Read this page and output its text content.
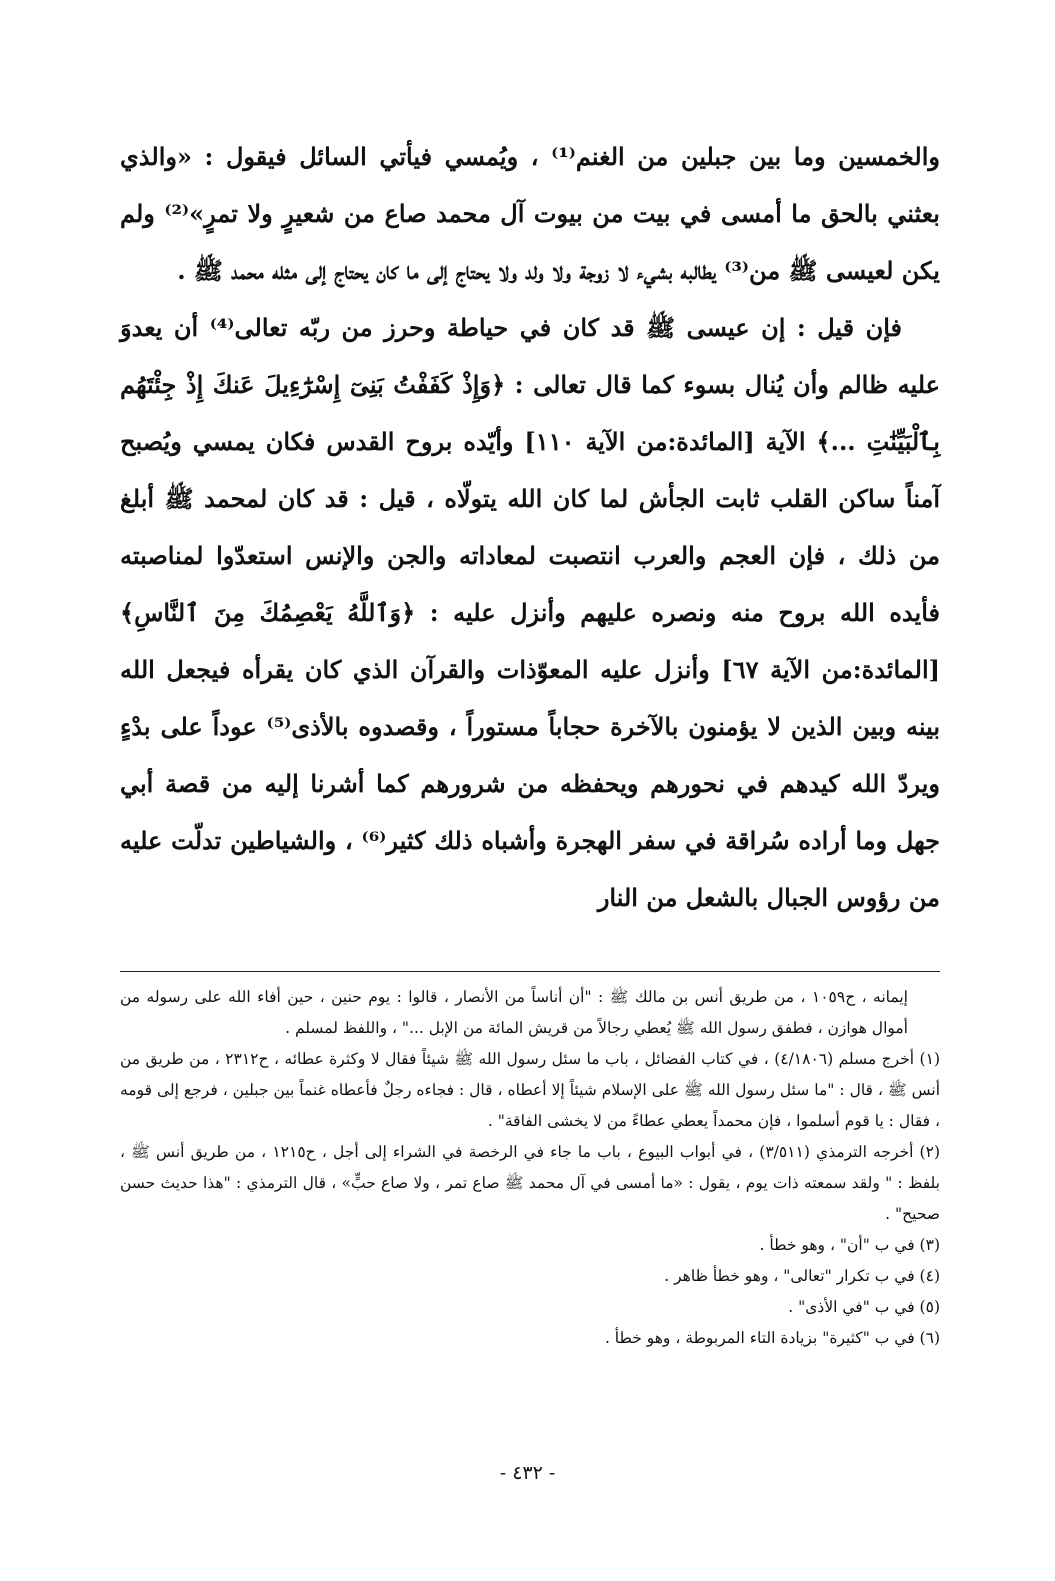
والخمسين وما بين جبلين من الغنم⁽¹⁾ ، ويُمسي فيأتي السائل فيقول : «والذي بعثني بالحق ما أمسى في بيت من بيوت آل محمد صاع من شعيرٍ ولا تمرٍ»⁽²⁾ ولم يكن لعيسى ﷺ من⁽³⁾ يطالبه بشيء لا زوجة ولا ولد ولا يحتاج إلى ما كان يحتاج إلى مثله محمد ﷺ .

فإن قيل : إن عيسى ﷺ قد كان في حياطة وحرز من ربّه تعالى⁽⁴⁾ أن يعدوَ عليه ظالم وأن يُنال بسوء كما قال تعالى : ﴿وَإِذْ كَفَفْتُ بَنِىٓ إِسْرَٰٓءِيلَ عَنكَ إِذْ جِئْتَهُم بِٱلْبَيِّنَٰتِ ...﴾ الآية [المائدة:من الآية ١١٠] وأيّده بروح القدس فكان يمسي ويُصبح آمناً ساكن القلب ثابت الجأش لما كان الله يتولّاه ، قيل : قد كان لمحمد ﷺ أبلغ من ذلك ، فإن العجم والعرب انتصبت لمعاداته والجن والإنس استعدّوا لمناصبته فأيده الله بروح منه ونصره عليهم وأنزل عليه : ﴿وَٱللَّهُ يَعْصِمُكَ مِنَ ٱلنَّاسِ﴾ [المائدة:من الآية ٦٧] وأنزل عليه المعوّذات والقرآن الذي كان يقرأه فيجعل الله بينه وبين الذين لا يؤمنون بالآخرة حجاباً مستوراً ، وقصدوه بالأذى⁽⁵⁾ عوداً على بدْءٍ ويردّ الله كيدهم في نحورهم ويحفظه من شرورهم كما أشرنا إليه من قصة أبي جهل وما أراده سُراقة في سفر الهجرة وأشباه ذلك كثير⁽⁶⁾ ، والشياطين تدلّت عليه من رؤوس الجبال بالشعل من النار

إيمانه ، ح١٠٥٩ ، من طريق أنس بن مالك ﷺ : "أن أناساً من الأنصار ، قالوا : يوم حنين ، حين أفاء الله على رسوله من أموال هوازن ، فطفق رسول الله ﷺ يُعطي رجالاً من قريش المائة من الإبل ..." ، واللفظ لمسلم .

(١) أخرج مسلم (٤/١٨٠٦) ، في كتاب الفضائل ، باب ما سئل رسول الله ﷺ شيئاً فقال لا وكثرة عطائه ، ح٢٣١٢ ، من طريق من أنس ﷺ ، قال : "ما سئل رسول الله ﷺ على الإسلام شيئاً إلا أعطاه ، قال : فجاءه رجلٌ فأعطاه غنماً بين جبلين ، فرجع إلى قومه ، فقال : يا قوم أسلموا ، فإن محمداً يعطي عطاءً من لا يخشى الفاقة" .

(٢) أخرجه الترمذي (٣/٥١١) ، في أبواب البيوع ، باب ما جاء في الرخصة في الشراء إلى أجل ، ح١٢١٥ ، من طريق أنس ﷺ ، بلفظ : " ولقد سمعته ذات يوم ، يقول : «ما أمسى في آل محمد ﷺ صاع تمر ، ولا صاع حبٍّ» ، قال الترمذي : "هذا حديث حسن صحيح" .

(٣) في ب "أن" ، وهو خطأ .

(٤) في ب تكرار "تعالى" ، وهو خطأ ظاهر .

(٥) في ب "في الأذى" .

(٦) في ب "كثيرة" بزيادة التاء المربوطة ، وهو خطأ .

- ٤٣٢ -
